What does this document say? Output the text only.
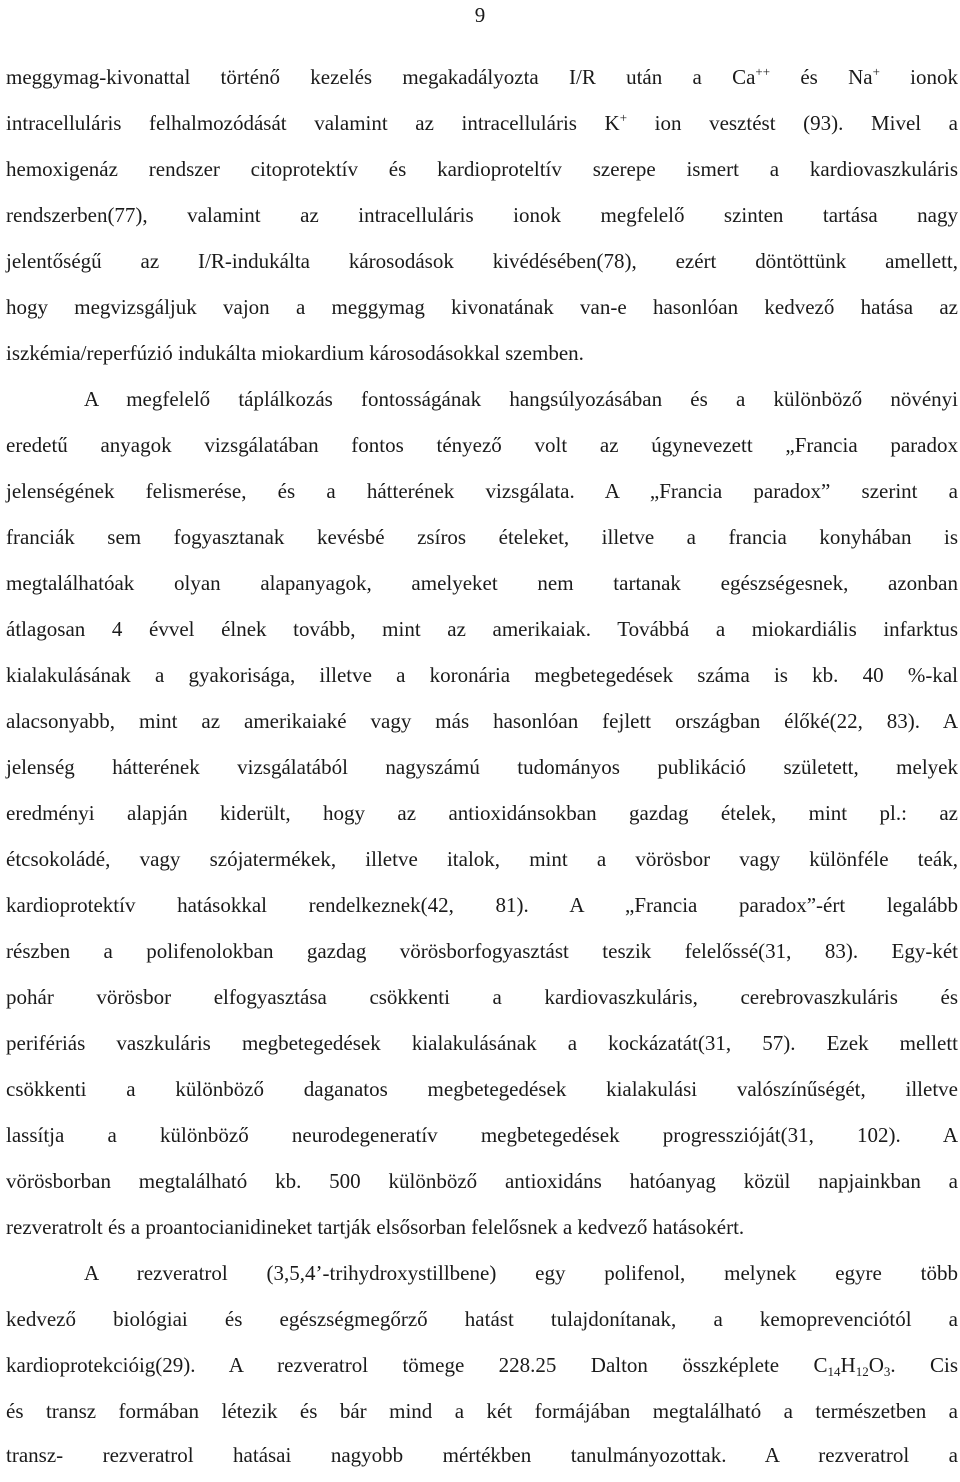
9
meggymag-kivonattal történő kezelés megakadályozta I/R után a Ca++ és Na+ ionok
intracelluláris felhalmozódását valamint az intracelluláris K+ ion vesztést (93). Mivel a
hemoxigenáz rendszer citoprotektív és kardioproteltív szerepe ismert a kardiovaszkuláris
rendszerben(77), valamint az intracelluláris ionok megfelelő szinten tartása nagy
jelentőségű az I/R-indukálta károsodások kivédésében(78), ezért döntöttünk amellett,
hogy megvizsgáljuk vajon a meggymag kivonatának van-e hasonlóan kedvező hatása az
iszkémia/reperfúzió indukálta miokardium károsodásokkal szemben.
A megfelelő táplálkozás fontosságának hangsúlyozásában és a különböző növényi
eredetű anyagok vizsgálatában fontos tényező volt az úgynevezett „Francia paradox
jelenségének felismerése, és a hátterének vizsgálata. A „Francia paradox” szerint a
franciák sem fogyasztanak kevésbé zsíros ételeket, illetve a francia konyhában is
megtalálhatóak olyan alapanyagok, amelyeket nem tartanak egészségesnek, azonban
átlagosan 4 évvel élnek tovább, mint az amerikaiak. Továbbá a miokardiális infarktus
kialakulásának a gyakorisága, illetve a koronária megbetegedések száma is kb. 40 %-kal
alacsonyabb, mint az amerikaiaké vagy más hasonlóan fejlett országban élőké(22, 83). A
jelenség hátterének vizsgálatából nagyszámú tudományos publikáció született, melyek
eredményi alapján kiderült, hogy az antioxidánsokban gazdag ételek, mint pl.: az
étcsokoládé, vagy szójatermékek, illetve italok, mint a vörösbor vagy különféle teák,
kardioprotektív hatásokkal rendelkeznek(42, 81). A „Francia paradox”-ért legalább
részben a polifenolokban gazdag vörösborfogyasztást teszik felelőssé(31, 83). Egy-két
pohár vörösbor elfogyasztása csökkenti a kardiovaszkuláris, cerebrovaszkuláris és
perifériás vaszkuláris megbetegedések kialakulásának a kockázatát(31, 57). Ezek mellett
csökkenti a különböző daganatos megbetegedések kialakulási valószínűségét, illetve
lassítja a különböző neurodegeneratív megbetegedések progresszióját(31, 102). A
vörösborban megtalálható kb. 500 különböző antioxidáns hatóanyag közül napjainkban a
rezveratrolt és a proantocianidineket tartják elsősorban felelősnek a kedvező hatásokért.
A rezveratrol (3,5,4’-trihydroxystillbene) egy polifenol, melynek egyre több
kedvező biológiai és egészségmegőrző hatást tulajdonítanak, a kemoprevenciótól a
kardioprotekcióig(29). A rezveratrol tömege 228.25 Dalton összképlete $C_{14}H_{12}O_3$. Cis
és transz formában létezik és bár mind a két formájában megtalálható a természetben a
transz- rezveratrol hatásai nagyobb mértékben tanulmányozottak. A rezveratrol a
